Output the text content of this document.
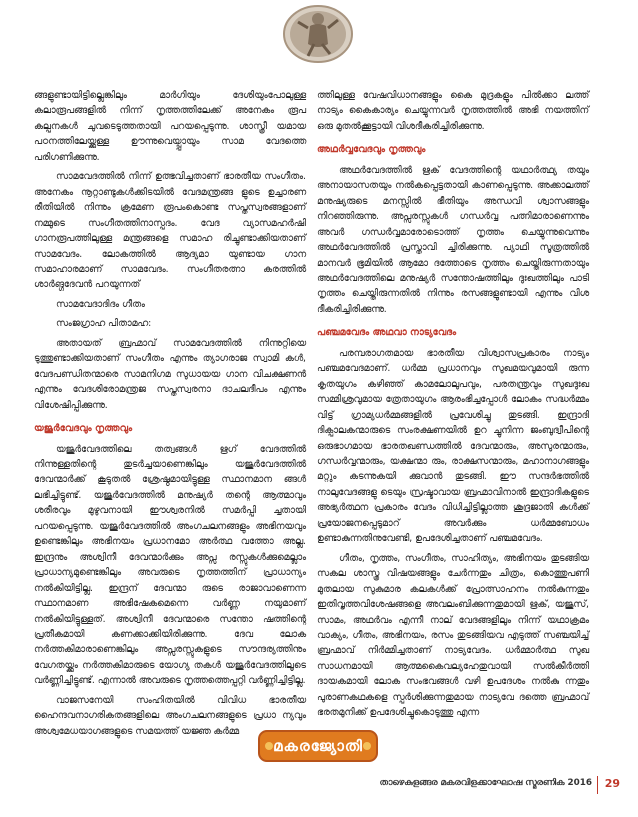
ങ്ങളുണ്ടായിട്ടില്ലെങ്കിലും മാർഗിയും ദേശിയുംപോലുള്ള കലാരൂപങ്ങളിൽ നിന്ന് നൃത്തത്തിലേക്ക് അനേകം രൂപ കല്പനകൾ ചുവടെടുത്തതായി പറയപ്പെടുന്നു. ശാസ്ത്രീ യമായ പഠനത്തിലേയ്ക്കുള്ള ഊന്നുവെയ്പ്പായും സാമ വേദത്തെ പരിഗണിക്കുന്നു.

സാമവേദത്തിൽ നിന്ന് ഉത്ഭവിച്ചതാണ് ഭാരതീയ സംഗീതം. അനേകം നൂറ്റാണ്ടുകൾക്കിടയിൽ വേദമന്ത്രങ്ങ ളുടെ ഉച്ചാരണ രീതിയിൽ നിന്നും ക്രമേണ രൂപംകൊണ്ട സപ്തസ്വരങ്ങളാണ് നമ്മുടെ സംഗീതത്തിനാസ്പദം. വേദ വ്യാസമഹർഷി ഗാനരൂപത്തിലുള്ള മന്ത്രങ്ങളെ സമാഹ രിച്ചുണ്ടാക്കിയതാണ് സാമവേദം. ലോകത്തിൽ ആദ്യമാ യുണ്ടായ ഗാന സമാഹാരമാണ് സാമവേദം. സംഗീതരത്നാ കരത്തിൽ ശാർങ്ഗദേവൻ പറയുന്നത്

സാമവേദാദിദം ഗീതം

സംജഗ്രാഹ പിതാമഹ:

അതായത് ബ്രഹ്മാവ് സാമവേദത്തിൽ നിന്നുറ്റിയെ ടുത്തുണ്ടാക്കിയതാണ് സംഗീതം എന്നും ത്യാഗരാജ സ്വാമി കൾ, വേദപണ്ഡിതന്മാരെ സാമനിഗമ സുധായയ ഗാന വിചക്ഷണൻ എന്നും വേദശിരോമന്ത്രജ സപ്തസ്വരനാ ദാചലദീപം എന്നും വിശേഷിപ്പിക്കുന്നു.

യജുർവേദവും നൃത്തവും

യജുർവേദത്തിലെ തത്വങ്ങൾ ഋഗ് വേദത്തിൽ നിന്നുള്ളതിന്റെ തുടർച്ചയാണെങ്കിലും യജുർവേദത്തിൽ ദേവന്മാർക്ക് കൂടുതൽ ശ്രേഷ്ഠമായിട്ടുള്ള സ്ഥാനമാന ങ്ങൾ ലഭിച്ചിട്ടുണ്ട്. യജുർവേദത്തിൽ മനുഷ്യർ തന്റെ ആത്മാവും ശരീരവും മുഴുവനായി ഈശ്വരനിൽ സമർപ്പി ച്ചതായി പറയപ്പെടുന്നു. യജുർവേദത്തിൽ അംഗചലനങ്ങളും അഭിനയവും ഉണ്ടെങ്കിലും അഭിനയം പ്രധാനമോ അർത്ഥ വത്തോ അല്ല. ഇന്ദ്രനും അശ്വിനീ ദേവന്മാർക്കും അപ്സ രസ്സുകൾക്കുമെല്ലാം പ്രാധാന്യമുണ്ടെങ്കിലും അവരുടെ നൃത്തത്തിന് പ്രാധാന്യം നൽകിയിട്ടില്ല. ഇന്ദ്രന് ദേവന്മാ രുടെ രാജാവാണെന്ന സ്ഥാനമാണ അഭിഷേകമെന്നെ വർണ്ണ നയുമാണ് നൽകിയിട്ടുള്ളത്. അശ്വിനീ ദേവന്മാരെ സന്തോ ഷത്തിന്റെ പ്രതീകമായി കണക്കാക്കിയിരിക്കുന്നു. ദേവ ലോക നർത്തകിമാരാണെങ്കിലും അപ്സരസ്സുകളുടെ സൗന്ദര്യത്തിനും വേഗതയ്ക്കും നർത്തകിമാരുടെ യോഗ്യ തകൾ യജുർവേദത്തിലൂടെ വർണ്ണിച്ചിട്ടുണ്ട്. എന്നാൽ അവരുടെ നൃത്തത്തെപ്പറ്റി വർണ്ണിച്ചിട്ടില്ല.

വാജസനേയി സംഹിതയിൽ വിവിധ ഭാരതീയ ഹൈന്ദവനാഗരികതങ്ങളിലെ അംഗചലനങ്ങളുടെ പ്രധാ ന്യവും അശ്വമേധയാഗങ്ങളുടെ സമയത്ത് യജ്ഞ കർമ്മ

ത്തിലുള്ള വേഷവിധാനങ്ങളും കൈ മുദ്രകളും പിൽക്കാ ലത്ത് നാട്യം കൈകാര്യം ചെയ്യുന്നവർ നൃത്തത്തിൽ അഭി നയത്തിന് ഒരു മുതൽക്കൂട്ടായി വിശദീകരിച്ചിരിക്കുന്നു.

അഥർവ്വവേദവും നൃത്തവും

അഥർവേദത്തിൽ ഋക് വേദത്തിന്റെ യഥാർത്ഥ്യ തയും അനായാസതയും നൽകപ്പെട്ടതായി കാണപ്പെടുന്നു. അക്കാലത്ത് മനുഷ്യരുടെ മനസ്സിൽ ഭീതിയും അന്ധവി ശ്വാസങ്ങളും നിറഞ്ഞിരുന്നു. അപ്സരസ്സുകൾ ഗന്ധർവ്വ പത്നിമാരാണെന്നും അവർ ഗന്ധർവ്വമാരോടൊത്ത് നൃത്തം ചെയ്യുന്നുവെന്നും അഥർവേദത്തിൽ പ്രസ്താവി ച്ചിരിക്കുന്നു. പ്യാഥി സൂത്രത്തിൽ മാനവർ ഭൂമിയിൽ ആമോ ദത്തോടെ നൃത്തം ചെയ്തിരുന്നതായും അഥർവേദത്തിലെ മനുഷ്യർ സന്തോഷത്തിലും ദുഃഖത്തിലും പാടി നൃത്തം ചെയ്തിരുന്നതിൽ നിന്നും രസങ്ങളുണ്ടായി എന്നും വിശ ദീകരിച്ചിരിക്കുന്നു.

പഞ്ചമവേദം അഥവാ നാട്യവേദം

പരമ്പരാഗതമായ ഭാരതീയ വിശ്വാസപ്രകാരം നാട്യം പഞ്ചമവേദമാണ്. ധർമ്മ പ്രധാനവും സുഖമയവുമായി രുന്ന കൃതയുഗം കഴിഞ്ഞ് കാമലോലുപവും, പരതന്ത്രവും സുഖദുഃഖ സമ്മിശ്രവുമായ ത്രേതായുഗം ആരംഭിച്ചപ്പോൾ ലോകം സദ്ധർമ്മം വിട്ട് ഗ്രാമ്യധർമ്മങ്ങളിൽ പ്രവേശിച്ചു തുടങ്ങി. ഇന്ദ്രാദി ദിക്പാലകന്മാരുടെ സംരക്ഷണയിൽ ഉറ ച്ചുനിന്ന ജംബുദ്വീപിന്റെ ഒരുഭാഗമായ ഭാരതഖണ്ഡത്തിൽ ദേവന്മാരും, അസുരന്മാരും, ഗന്ധർവ്വന്മാരും, യക്ഷന്മാ രും, രാക്ഷസന്മാരും, മഹാനാഗങ്ങളും മറ്റും കടന്നുകയി ക്കുവാൻ തുടങ്ങി. ഈ സന്ദർഭത്തിൽ നാലുവേദങ്ങളു ടെയും സ്രഷ്ടാവായ ബ്രഹ്മാവിനാൽ ഇന്ദ്രാദികളുടെ അഭ്യർത്ഥന പ്രകാരം വേദം വിധിച്ചിട്ടില്ലാത്ത ശൂദ്രജാതി കൾക്ക് പ്രയോജനപ്പെടുമാറ് അവർക്കും ധർമ്മബോധം ഉണ്ടാകുന്നതിനുവേണ്ടി, ഉപദേശിച്ചതാണ് പഞ്ചമവേദം.

ഗീതം, നൃത്തം, സംഗീതം, സാഹിത്യം, അഭിനയം തുടങ്ങിയ സകല ശാസ്ത്ര വിഷയങ്ങളും ചേർന്നതും ചിത്രം, കൊത്തുപണി മുതലായ സുകുമാര കലകൾക്ക് പ്രോത്സാഹനം നൽകുന്നതും ഇതിവൃത്തവിശേഷങ്ങളെ അവലംബിക്കുന്നതുമായി ഋക്, യജുസ്, സാമം, അഥർവം എന്നീ നാല് വേദങ്ങളിലും നിന്ന് യഥാക്രമം വാക്യം, ഗീതം, അഭിനയം, രസം തുടങ്ങിയവ എടുത്ത് സഞ്ചയിച്ച് ബ്രഹ്മാവ് നിർമ്മിച്ചതാണ് നാട്യവേദം. ധർമ്മാർത്ഥ സുഖ സാധനമായി ആത്മകൈവല്യഹേതുവായി സൽകീർത്തി ദായകമായി ലോക സംഭവങ്ങൾ വഴി ഉപദേശം നൽകു ന്നതും പുരാണകഥകളെ സ്പർശിക്കുന്നതുമായ നാട്യവേ ദത്തെ ബ്രഹ്മാവ് ഭരതമുനിക്ക് ഉപദേശിച്ചുകൊടുത്തു എന്ന

മകരജ്യോതി
താഴെകുളങ്ങര മകരവിളക്കാഘോഷ സ്മരണിക 2016 29
